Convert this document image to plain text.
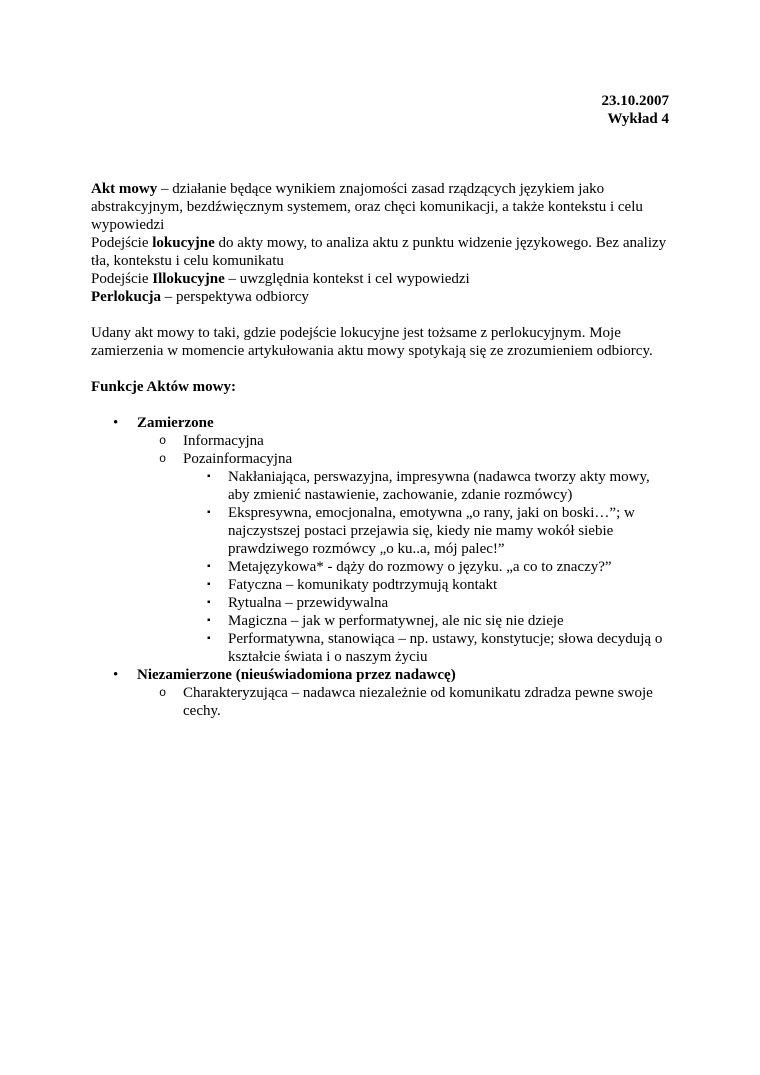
23.10.2007
Wykład 4

Akt mowy – działanie będące wynikiem znajomości zasad rządzących językiem jako abstrakcyjnym, bezdźwięcznym systemem, oraz chęci komunikacji, a także kontekstu i celu wypowiedzi

Podejście lokucyjne do akty mowy, to analiza aktu z punktu widzenie językowego. Bez analizy tła, kontekstu i celu komunikatu

Podejście Illokucyjne – uwzględnia kontekst i cel wypowiedzi

Perlokucja – perspektywa odbiorcy

Udany akt mowy to taki, gdzie podejście lokucyjne jest tożsame z perlokucyjnym. Moje zamierzenia w momencie artykułowania aktu mowy spotykają się ze zrozumieniem odbiorcy.

Funkcje Aktów mowy:

• Zamierzone
o Informacyjna
o Pozainformacyjna
▪ Nakłaniająca, perswazyjna, impresywna (nadawca tworzy akty mowy, aby zmienić nastawienie, zachowanie, zdanie rozmówcy)
▪ Ekspresywna, emocjonalna, emotywna „o rany, jaki on boski…”; w najczystszej postaci przejawia się, kiedy nie mamy wokół siebie prawdziwego rozmówcy „o ku..a, mój palec!”
▪ Metajęzykowa* - dąży do rozmowy o języku. „a co to znaczy?”
▪ Fatyczna – komunikaty podtrzymują kontakt
▪ Rytualna – przewidywalna
▪ Magiczna – jak w performatywnej, ale nic się nie dzieje
▪ Performatywna, stanowiąca – np. ustawy, konstytucje; słowa decydują o kształcie świata i o naszym życiu
• Niezamierzone (nieuświadomiona przez nadawcę)
o Charakteryzująca – nadawca niezależnie od komunikatu zdradza pewne swoje cechy.
